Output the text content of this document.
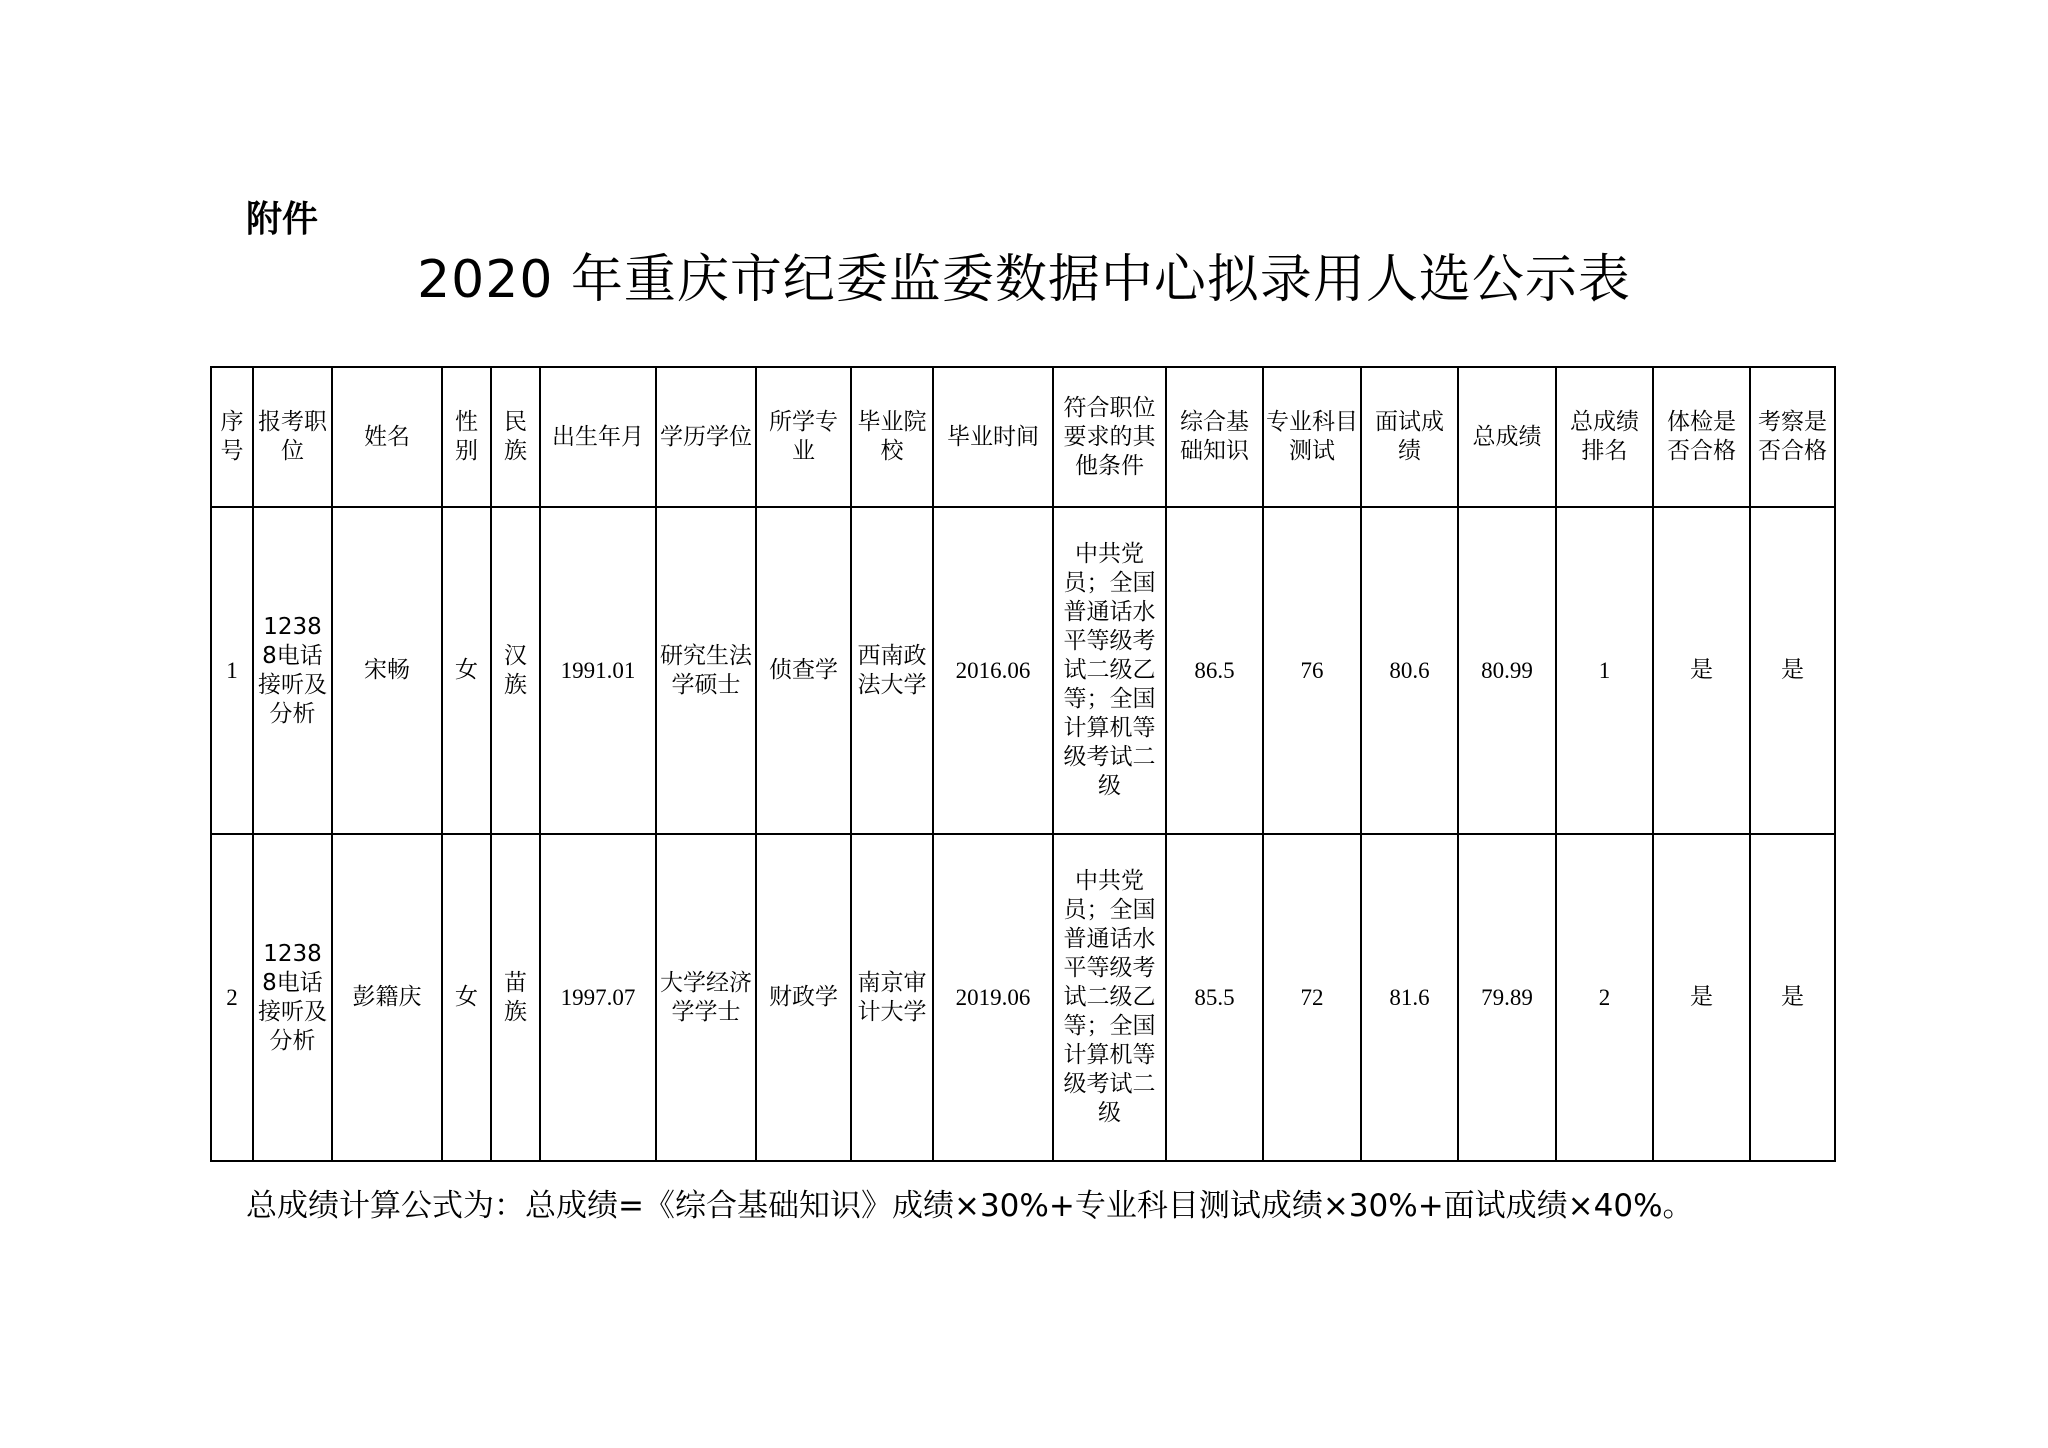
附件
2020 年重庆市纪委监委数据中心拟录用人选公示表
序号	报考职位	姓名	性别	民族	出生年月	学历学位	所学专业	毕业院校	毕业时间	符合职位要求的其他条件	综合基础知识	专业科目测试	面试成绩	总成绩	总成绩排名	体检是否合格	考察是否合格
1	12388电话接听及分析	宋畅	女	汉族	1991.01	研究生法学硕士	侦查学	西南政法大学	2016.06	中共党员；全国普通话水平等级考试二级乙等；全国计算机等级考试二级	86.5	76	80.6	80.99	1	是	是
2	12388电话接听及分析	彭籍庆	女	苗族	1997.07	大学经济学学士	财政学	南京审计大学	2019.06	中共党员；全国普通话水平等级考试二级乙等；全国计算机等级考试二级	85.5	72	81.6	79.89	2	是	是
总成绩计算公式为：总成绩=《综合基础知识》成绩×30%+专业科目测试成绩×30%+面试成绩×40%。
